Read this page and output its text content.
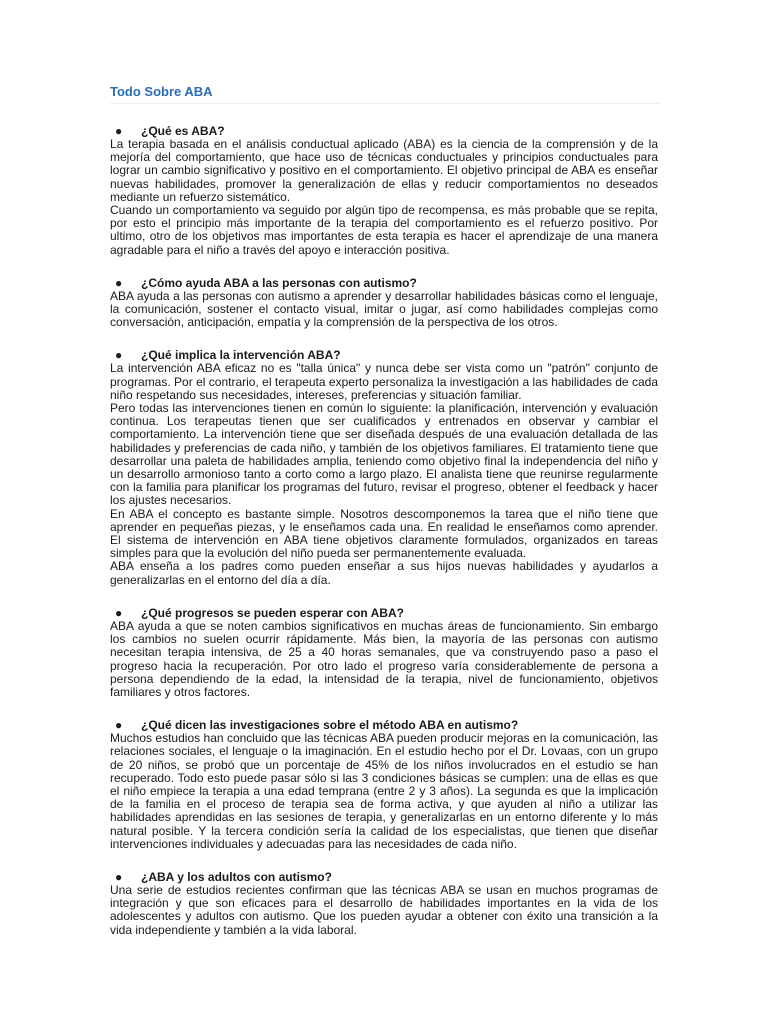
Todo Sobre ABA
●	¿Qué es ABA?

La terapia basada en el análisis conductual aplicado (ABA) es la ciencia de la comprensión y de la mejoría del comportamiento, que hace uso de técnicas conductuales y principios conductuales para lograr un cambio significativo y positivo en el comportamiento. El objetivo principal de ABA es enseñar nuevas habilidades, promover la generalización de ellas y reducir comportamientos no deseados mediante un refuerzo sistemático.

Cuando un comportamiento va seguido por algún tipo de recompensa, es más probable que se repita, por esto el principio más importante de la terapia del comportamiento es el refuerzo positivo. Por ultimo, otro de los objetivos mas importantes de esta terapia es hacer el aprendizaje de una manera agradable para el niño a través del apoyo e interacción positiva.

●	¿Cómo ayuda ABA a las personas con autismo?

ABA ayuda a las personas con autismo a aprender y desarrollar habilidades básicas como el lenguaje, la comunicación, sostener el contacto visual, imitar o jugar, así como habilidades complejas como conversación, anticipación, empatía y la comprensión de la perspectiva de los otros.

●	¿Qué implica la intervención ABA?

La intervención ABA eficaz no es "talla única" y nunca debe ser vista como un "patrón" conjunto de programas. Por el contrario, el terapeuta experto personaliza la investigación a las habilidades de cada niño respetando sus necesidades, intereses, preferencias y situación familiar.

Pero todas las intervenciones tienen en común lo siguiente: la planificación, intervención y evaluación continua. Los terapeutas tienen que ser cualificados y entrenados en observar y cambiar el comportamiento. La intervención tiene que ser diseñada después de una evaluación detallada de las habilidades y preferencias de cada niño, y también de los objetivos familiares. El tratamiento tiene que desarrollar una paleta de habilidades amplia, teniendo como objetivo final la independencia del niño y un desarrollo armonioso tanto a corto como a largo plazo. El analista tiene que reunirse regularmente con la familia para planificar los programas del futuro, revisar el progreso, obtener el feedback y hacer los ajustes necesarios.

En ABA el concepto es bastante simple. Nosotros descomponemos la tarea que el niño tiene que aprender en pequeñas piezas, y le enseñamos cada una. En realidad le enseñamos como aprender. El sistema de intervención en ABA tiene objetivos claramente formulados, organizados en tareas simples para que la evolución del niño pueda ser permanentemente evaluada.

ABA enseña a los padres como pueden enseñar a sus hijos nuevas habilidades y ayudarlos a generalizarlas en el entorno del día a día.

●	¿Qué progresos se pueden esperar con ABA?

ABA ayuda a que se noten cambios significativos en muchas áreas de funcionamiento. Sin embargo los cambios no suelen ocurrir rápidamente. Más bien, la mayoría de las personas con autismo necesitan terapia intensiva, de 25 a 40 horas semanales, que va construyendo paso a paso el progreso hacia la recuperación. Por otro lado el progreso varía considerablemente de persona a persona dependiendo de la edad, la intensidad de la terapia, nivel de funcionamiento, objetivos familiares y otros factores.

●	¿Qué dicen las investigaciones sobre el método ABA en autismo?

Muchos estudios han concluido que las técnicas ABA pueden producir mejoras en la comunicación, las relaciones sociales, el lenguaje o la imaginación. En el estudio hecho por el Dr. Lovaas, con un grupo de 20 niños, se probó que un porcentaje de 45% de los niños involucrados en el estudio se han recuperado. Todo esto puede pasar sólo si las 3 condiciones básicas se cumplen: una de ellas es que el niño empiece la terapia a una edad temprana (entre 2 y 3 años). La segunda es que la implicación de la familia en el proceso de terapia sea de forma activa, y que ayuden al niño a utilizar las habilidades aprendidas en las sesiones de terapia, y generalizarlas en un entorno diferente y lo más natural posible. Y la tercera condición sería la calidad de los especialistas, que tienen que diseñar intervenciones individuales y adecuadas para las necesidades de cada niño.

●	¿ABA y los adultos con autismo?

Una serie de estudios recientes confirman que las técnicas ABA se usan en muchos programas de integración y que son eficaces para el desarrollo de habilidades importantes en la vida de los adolescentes y adultos con autismo. Que los pueden ayudar a obtener con éxito una transición a la vida independiente y también a la vida laboral.
